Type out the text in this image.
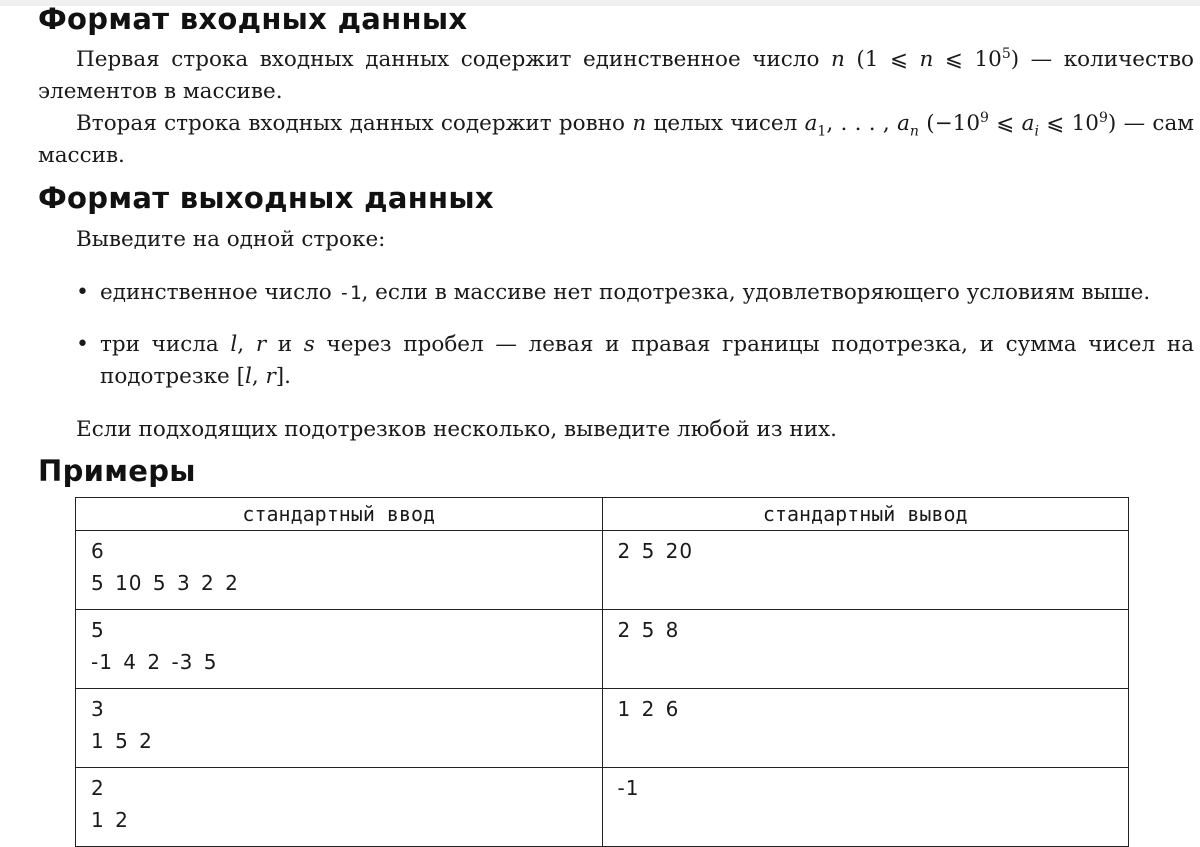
Формат входных данных
Первая строка входных данных содержит единственное число n (1 ⩽ n ⩽ $10^5$) — количество элементов в массиве.
Вторая строка входных данных содержит ровно n целых чисел $a_1$, . . . , $a_n$ ($-10^9$ ⩽ $a_i$ ⩽ $10^9$) — сам массив.
Формат выходных данных
Выведите на одной строке:
• единственное число -1, если в массиве нет подотрезка, удовлетворяющего условиям выше.
• три числа l, r и s через пробел — левая и правая границы подотрезка, и сумма чисел на подотрезке [l, r].
Если подходящих подотрезков несколько, выведите любой из них.
Примеры
стандартный ввод	стандартный вывод
6
5 10 5 3 2 2	2 5 20
5
-1 4 2 -3 5	2 5 8
3
1 5 2	1 2 6
2
1 2	-1
